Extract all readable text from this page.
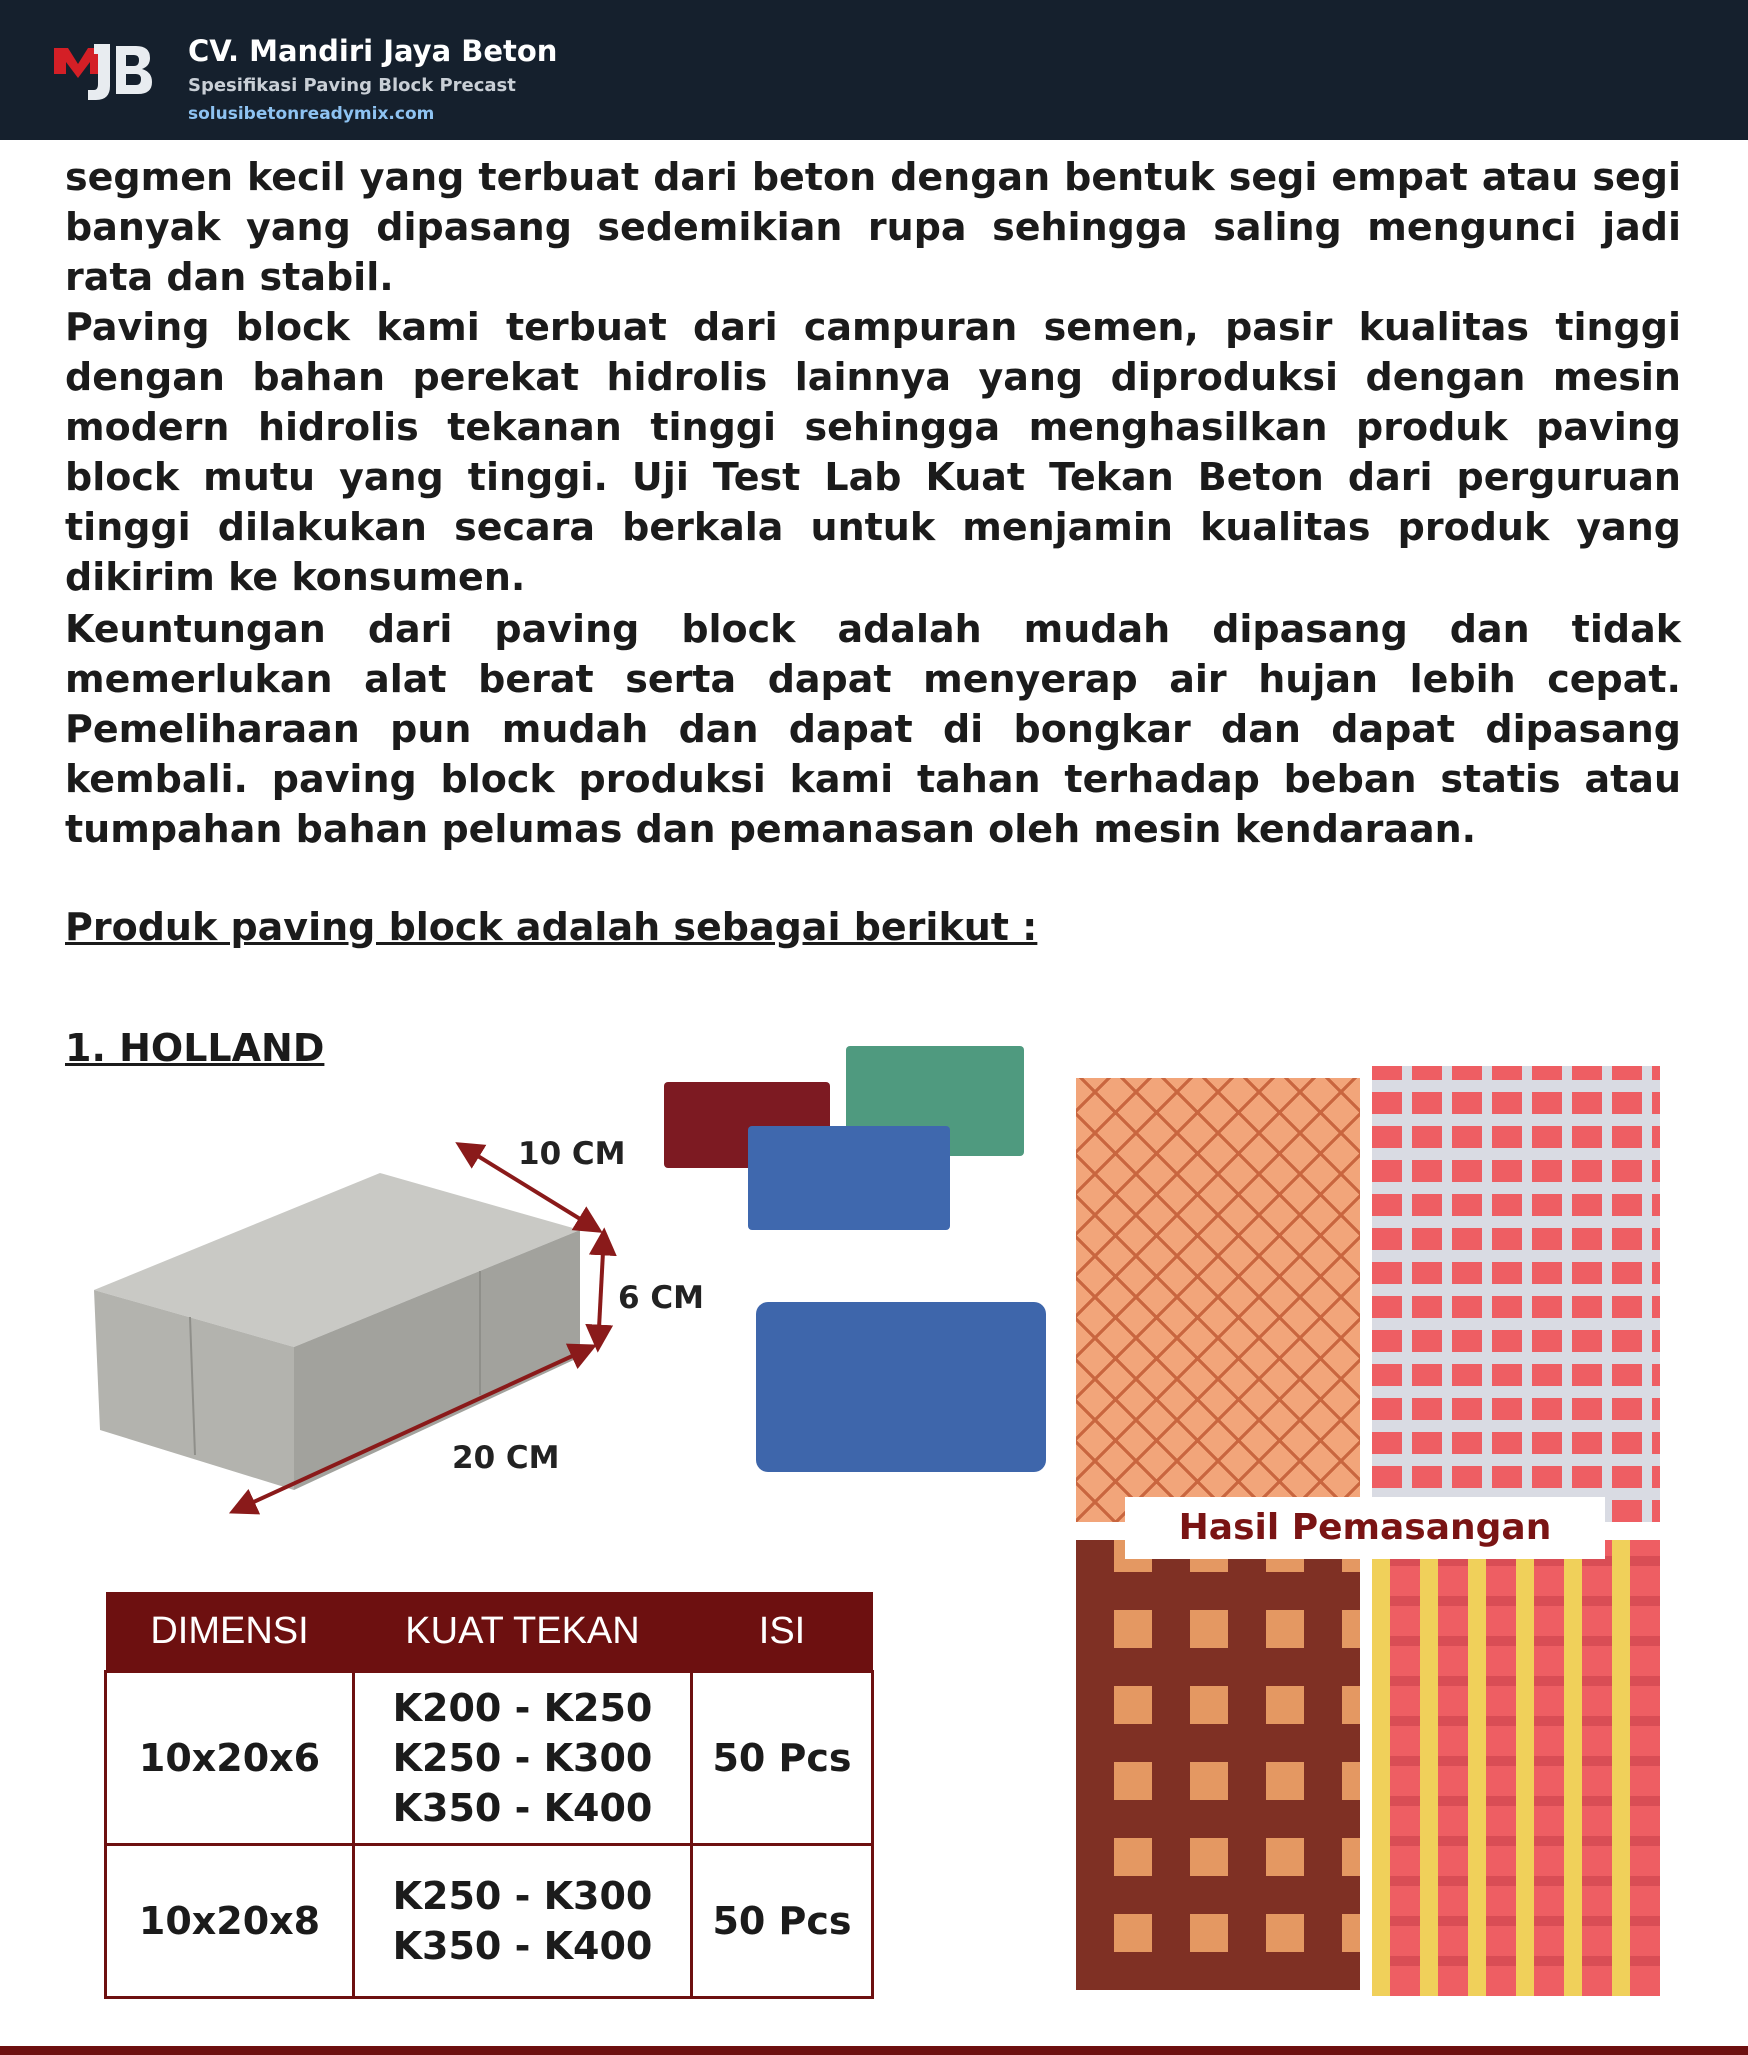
CV. Mandiri Jaya Beton
Spesifikasi Paving Block Precast
solusibetonreadymix.com

segmen kecil yang terbuat dari beton dengan bentuk segi empat atau segi banyak yang dipasang sedemikian rupa sehingga saling mengunci jadi rata dan stabil.

Paving block kami terbuat dari campuran semen, pasir kualitas tinggi dengan bahan perekat hidrolis lainnya yang diproduksi dengan mesin modern hidrolis tekanan tinggi sehingga menghasilkan produk paving block mutu yang tinggi. Uji Test Lab Kuat Tekan Beton dari perguruan tinggi dilakukan secara berkala untuk menjamin kualitas produk yang dikirim ke konsumen.

Keuntungan dari paving block adalah mudah dipasang dan tidak memerlukan alat berat serta dapat menyerap air hujan lebih cepat. Pemeliharaan pun mudah dan dapat di bongkar dan dapat dipasang kembali. paving block produksi kami tahan terhadap beban statis atau tumpahan bahan pelumas dan pemanasan oleh mesin kendaraan.

Produk paving block adalah sebagai berikut :
1. HOLLAND
10 CM
6 CM
20 CM
Hasil Pemasangan
DIMENSI	KUAT TEKAN	ISI
10x20x6	K200 - K250
K250 - K300
K350 - K400	50 Pcs
10x20x8	K250 - K300
K350 - K400	50 Pcs
